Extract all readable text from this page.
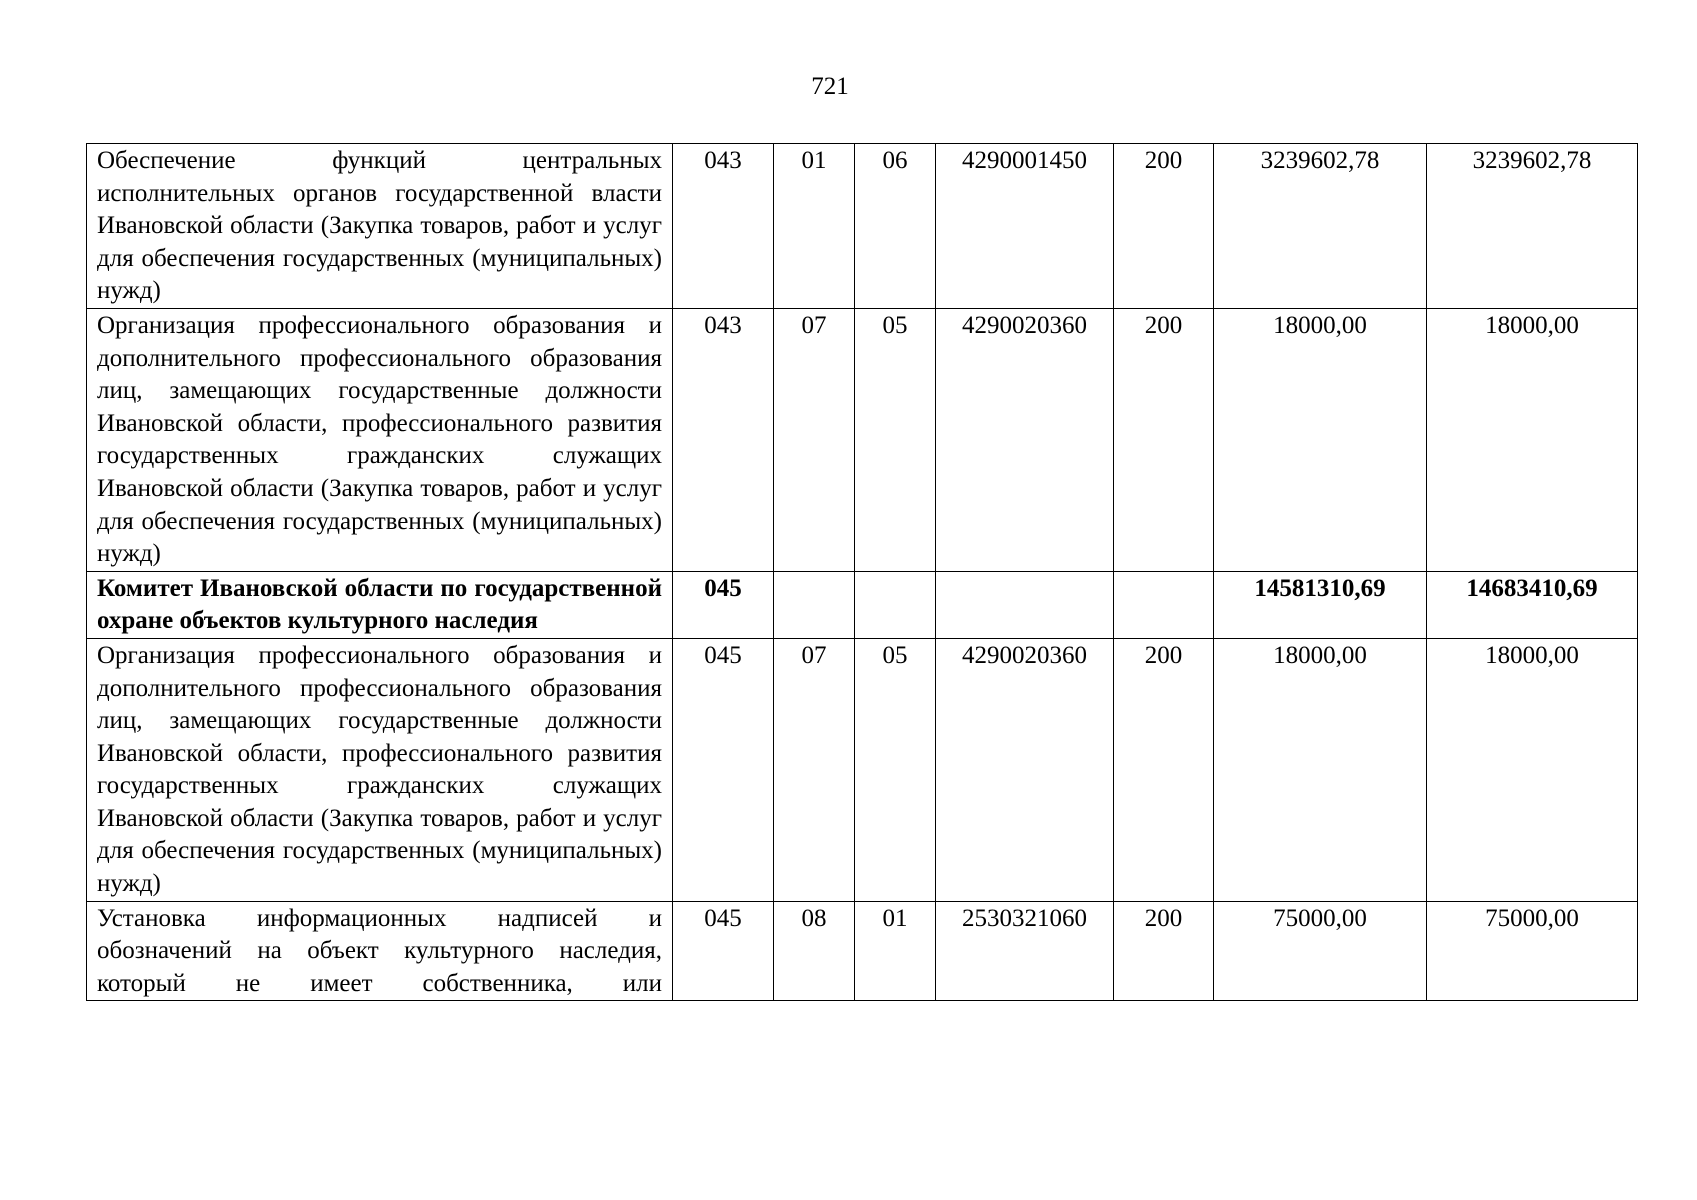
721
Обеспечение функций центральных исполнительных органов государственной власти Ивановской области (Закупка товаров, работ и услуг для обеспечения государственных (муниципальных) нужд)	043	01	06	4290001450	200	3239602,78	3239602,78
Организация профессионального образования и дополнительного профессионального образования лиц, замещающих государственные должности Ивановской области, профессионального развития государственных гражданских служащих Ивановской области (Закупка товаров, работ и услуг для обеспечения государственных (муниципальных) нужд)	043	07	05	4290020360	200	18000,00	18000,00
Комитет Ивановской области по государственной охране объектов культурного наследия	045					14581310,69	14683410,69
Организация профессионального образования и дополнительного профессионального образования лиц, замещающих государственные должности Ивановской области, профессионального развития государственных гражданских служащих Ивановской области (Закупка товаров, работ и услуг для обеспечения государственных (муниципальных) нужд)	045	07	05	4290020360	200	18000,00	18000,00
Установка информационных надписей и обозначений на объект культурного наследия, который не имеет собственника, или	045	08	01	2530321060	200	75000,00	75000,00
